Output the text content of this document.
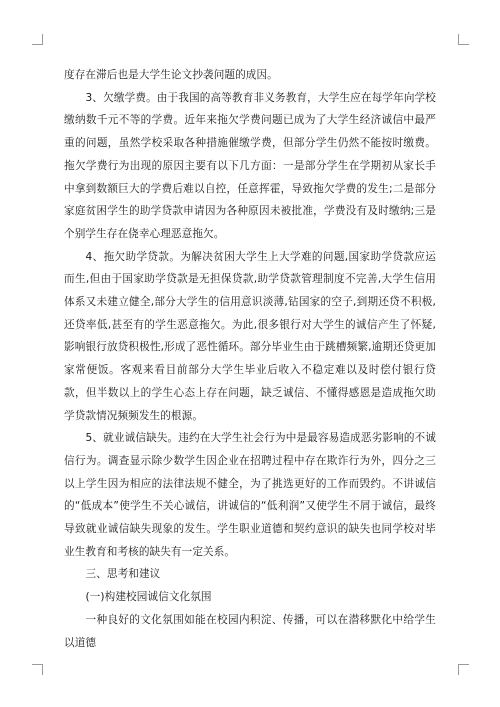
度存在滞后也是大学生论文抄袭问题的成因。

3、欠缴学费。由于我国的高等教育非义务教育，大学生应在每学年向学校缴纳数千元不等的学费。近年来拖欠学费问题已成为了大学生经济诚信中最严重的问题，虽然学校采取各种措施催缴学费，但部分学生仍然不能按时缴费。拖欠学费行为出现的原因主要有以下几方面：一是部分学生在学期初从家长手中拿到数额巨大的学费后难以自控，任意挥霍，导致拖欠学费的发生;二是部分家庭贫困学生的助学贷款申请因为各种原因未被批准，学费没有及时缴纳;三是个别学生存在侥幸心理恶意拖欠。

4、拖欠助学贷款。为解决贫困大学生上大学难的问题,国家助学贷款应运而生,但由于国家助学贷款是无担保贷款,助学贷款管理制度不完善,大学生信用体系又未建立健全,部分大学生的信用意识淡薄,钻国家的空子,到期还贷不积极,还贷率低,甚至有的学生恶意拖欠。为此,很多银行对大学生的诚信产生了怀疑,影响银行放贷积极性,形成了恶性循环。部分毕业生由于跳槽频繁,逾期还贷更加家常便饭。客观来看目前部分大学生毕业后收入不稳定难以及时偿付银行贷款，但半数以上的学生心态上存在问题，缺乏诚信、不懂得感恩是造成拖欠助学贷款情况频频发生的根源。

5、就业诚信缺失。违约在大学生社会行为中是最容易造成恶劣影响的不诚信行为。调查显示除少数学生因企业在招聘过程中存在欺诈行为外，四分之三以上学生因为相应的法律法规不健全，为了挑选更好的工作而毁约。不讲诚信的“低成本”使学生不关心诚信，讲诚信的“低利润”又使学生不屑于诚信，最终导致就业诚信缺失现象的发生。学生职业道德和契约意识的缺失也同学校对毕业生教育和考核的缺失有一定关系。

三、思考和建议

(一)构建校园诚信文化氛围

一种良好的文化氛围如能在校园内积淀、传播，可以在潜移默化中给学生以道德
